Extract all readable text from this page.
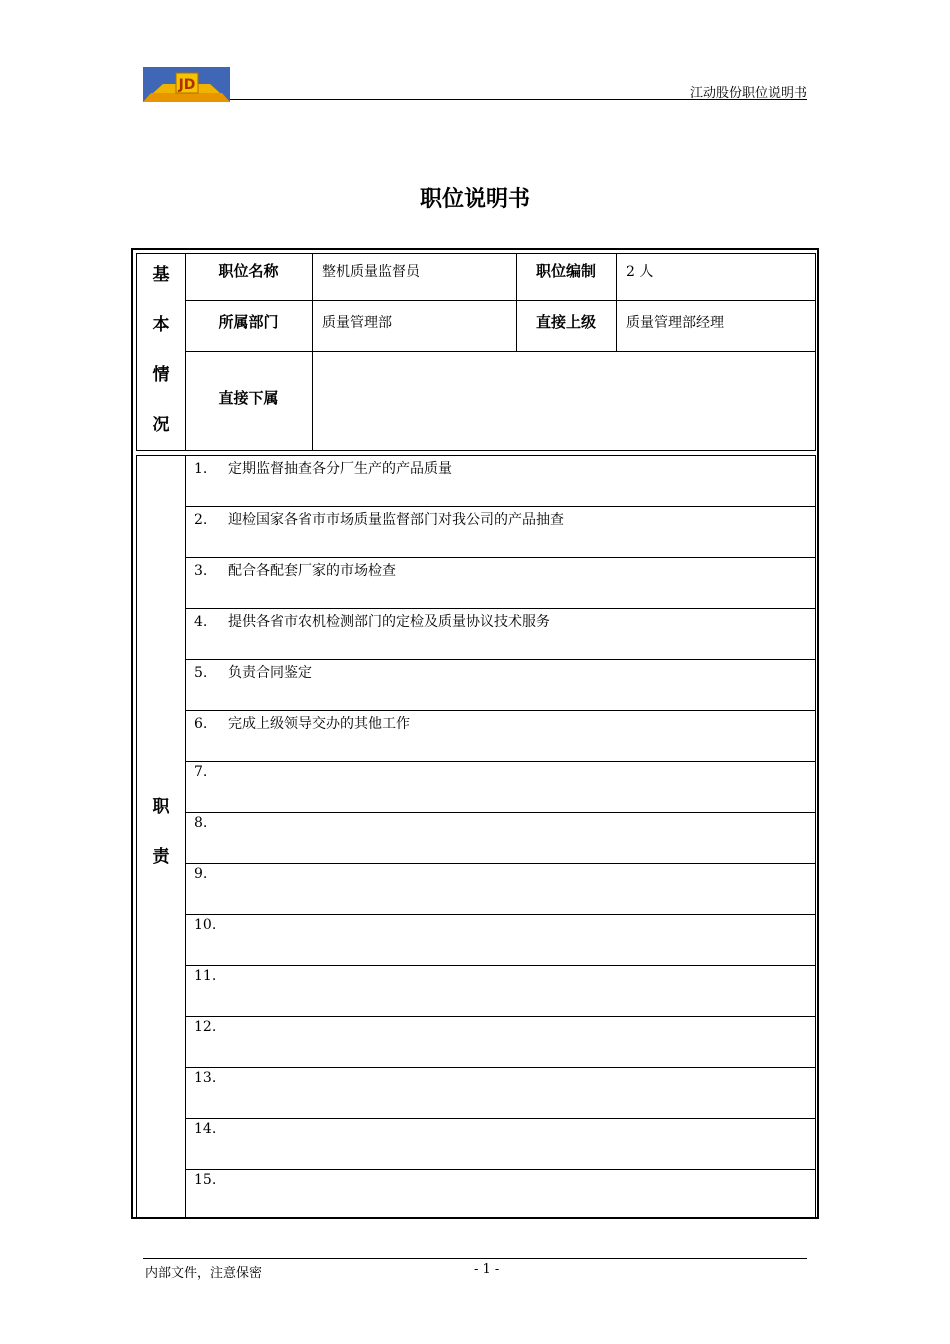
JD
江动股份职位说明书
职位说明书
基
本
情
况
职位名称	整机质量监督员	职位编制	2 人
所属部门	质量管理部	直接上级	质量管理部经理
直接下属
职
责
1. 定期监督抽查各分厂生产的产品质量
2. 迎检国家各省市市场质量监督部门对我公司的产品抽查
3. 配合各配套厂家的市场检查
4. 提供各省市农机检测部门的定检及质量协议技术服务
5. 负责合同鉴定
6. 完成上级领导交办的其他工作
7.
8.
9.
10.
11.
12.
13.
14.
15.
内部文件，注意保密	- 1 -
